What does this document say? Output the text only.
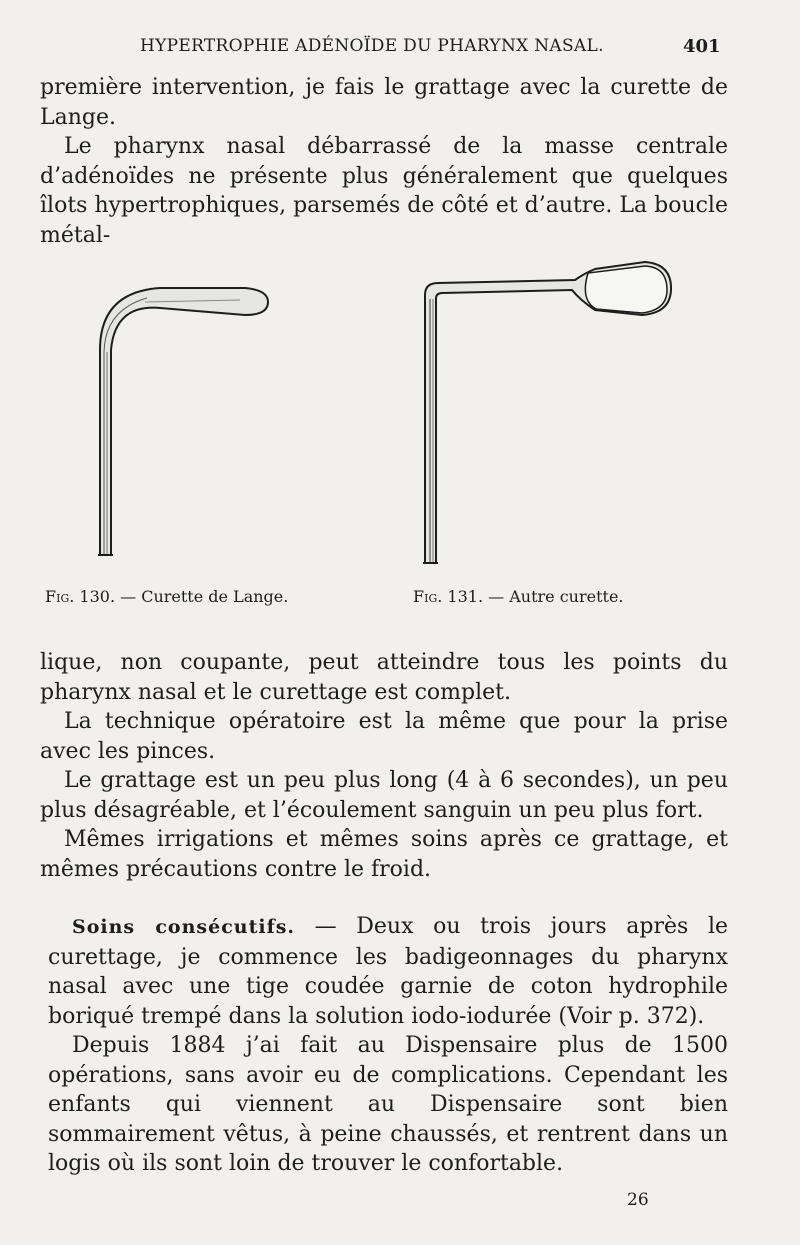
HYPERTROPHIE ADÉNOÏDE DU PHARYNX NASAL.	401

première intervention, je fais le grattage avec la curette de Lange.

Le pharynx nasal débarrassé de la masse centrale d’adénoïdes ne présente plus généralement que quelques îlots hypertrophiques, parsemés de côté et d’autre. La boucle métal-

Fig. 130. — Curette de Lange.	Fig. 131. — Autre curette.

lique, non coupante, peut atteindre tous les points du pharynx nasal et le curettage est complet.

La technique opératoire est la même que pour la prise avec les pinces.

Le grattage est un peu plus long (4 à 6 secondes), un peu plus désagréable, et l’écoulement sanguin un peu plus fort.

Mêmes irrigations et mêmes soins après ce grattage, et mêmes précautions contre le froid.

Soins consécutifs. — Deux ou trois jours après le curettage, je commence les badigeonnages du pharynx nasal avec une tige coudée garnie de coton hydrophile boriqué trempé dans la solution iodo-iodurée (Voir p. 372).

Depuis 1884 j’ai fait au Dispensaire plus de 1500 opérations, sans avoir eu de complications. Cependant les enfants qui viennent au Dispensaire sont bien sommairement vêtus, à peine chaussés, et rentrent dans un logis où ils sont loin de trouver le confortable.

26
